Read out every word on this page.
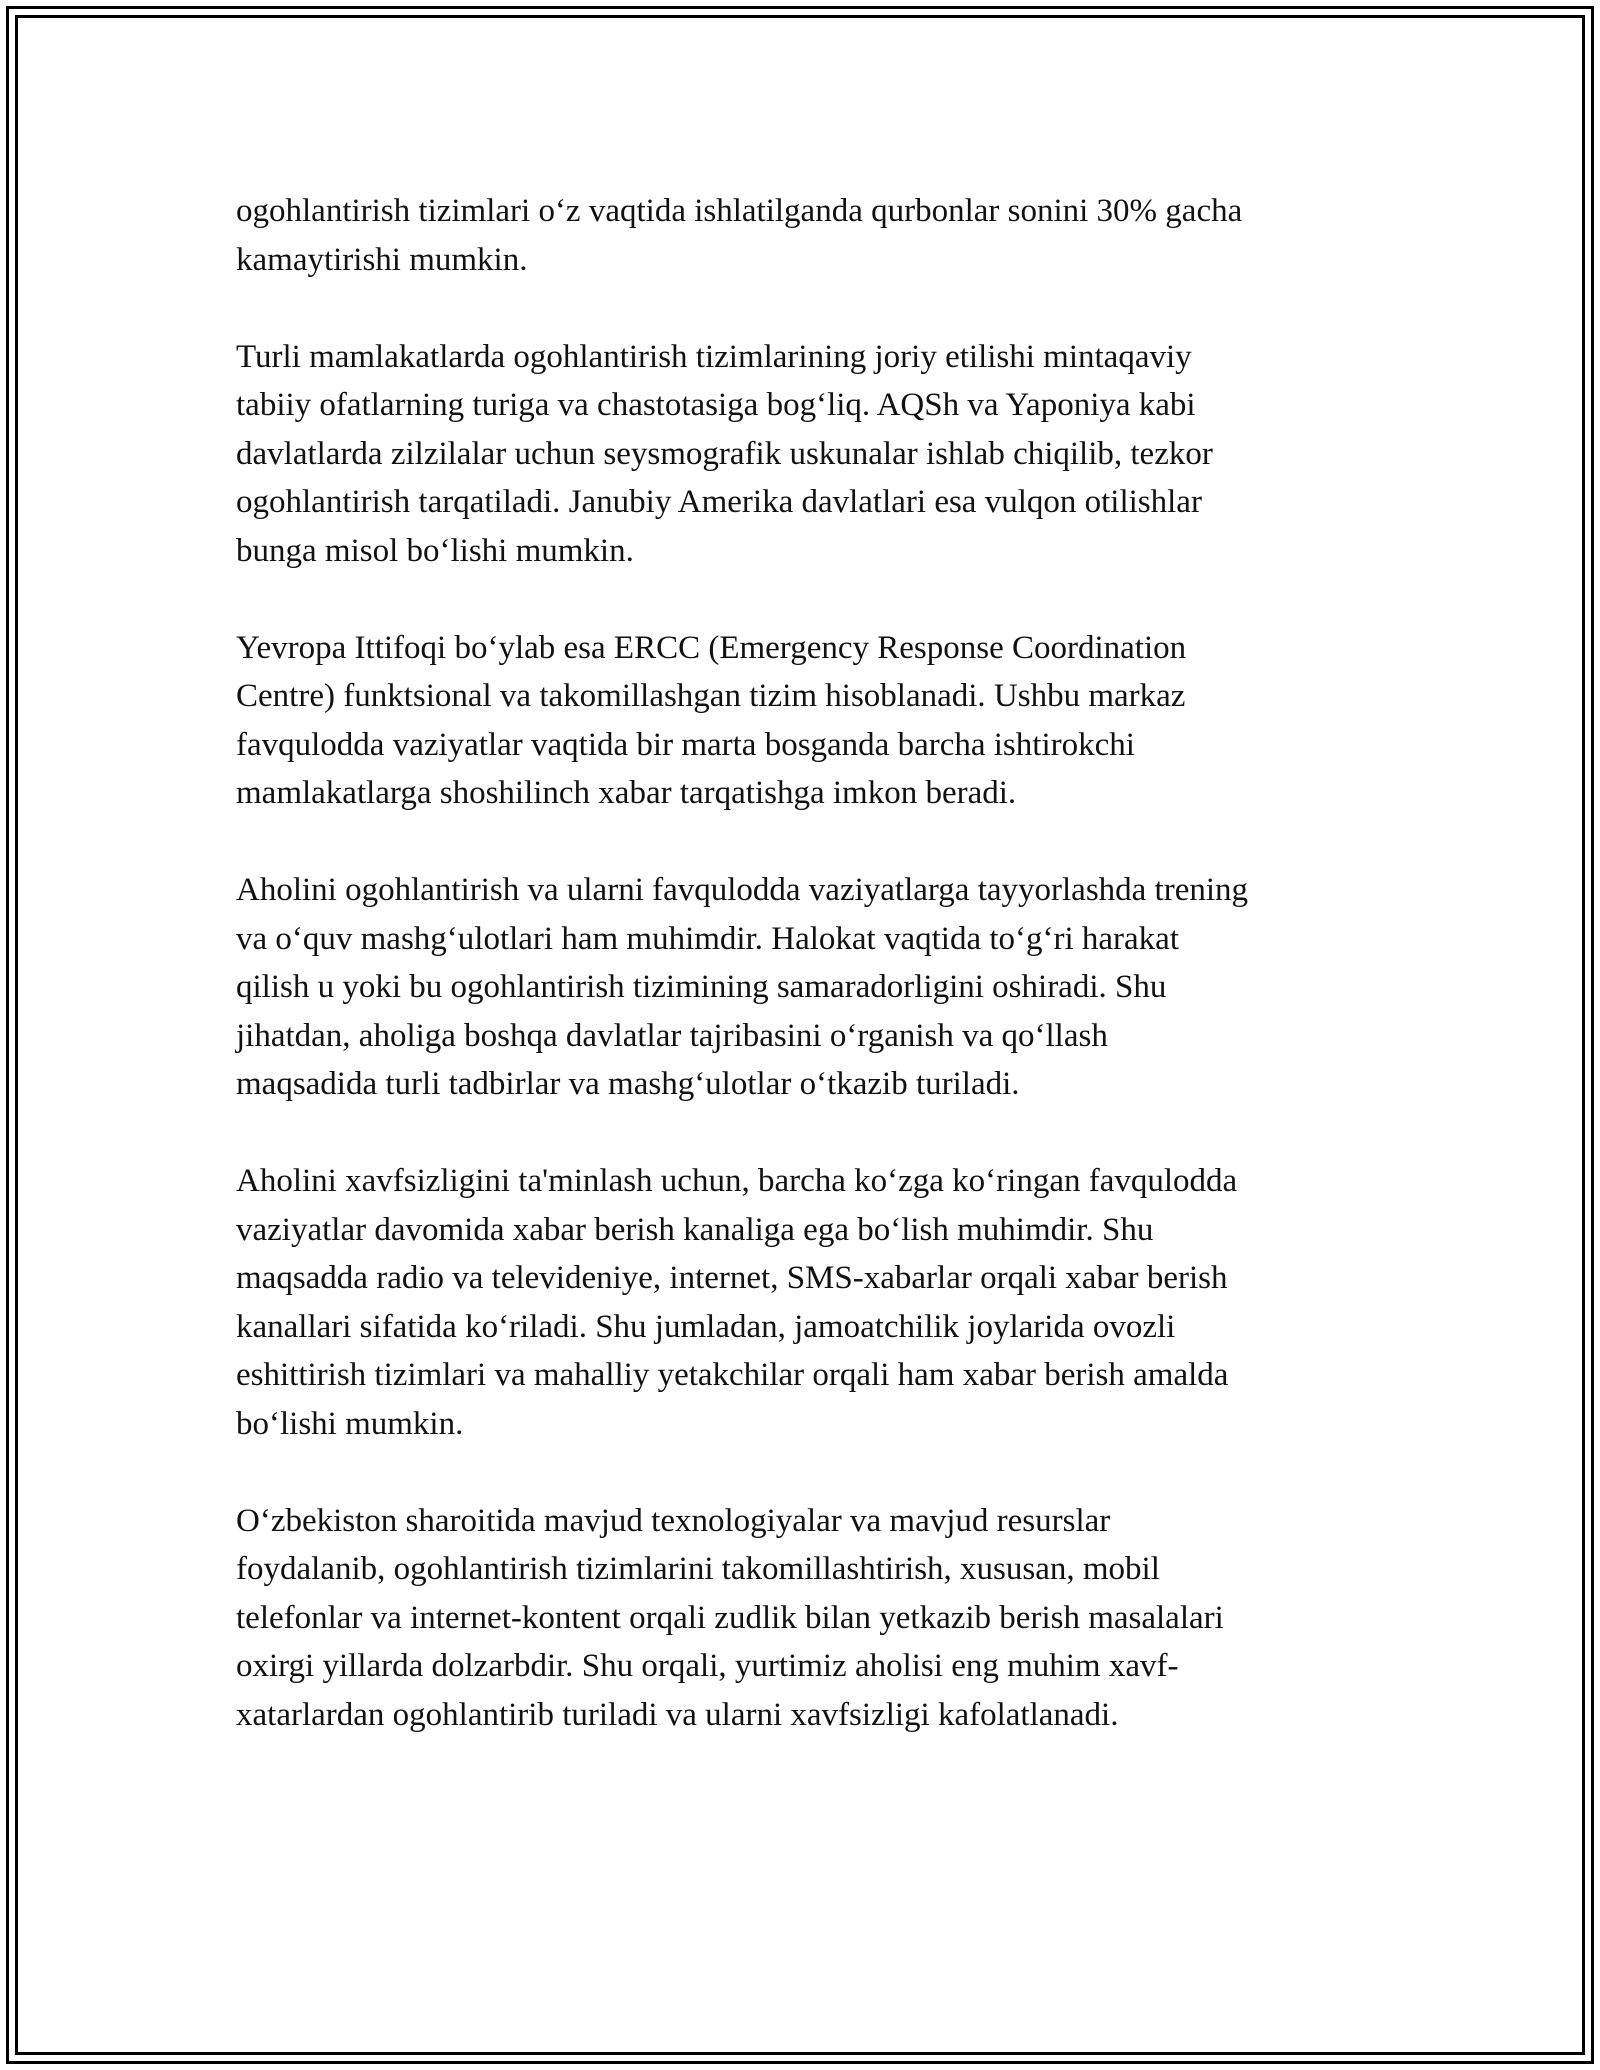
ogohlantirish tizimlari o‘z vaqtida ishlatilganda qurbonlar sonini 30% gacha
kamaytirishi mumkin.

Turli mamlakatlarda ogohlantirish tizimlarining joriy etilishi mintaqaviy
tabiiy ofatlarning turiga va chastotasiga bog‘liq. AQSh va Yaponiya kabi
davlatlarda zilzilalar uchun seysmografik uskunalar ishlab chiqilib, tezkor
ogohlantirish tarqatiladi. Janubiy Amerika davlatlari esa vulqon otilishlar
bunga misol bo‘lishi mumkin.

Yevropa Ittifoqi bo‘ylab esa ERCC (Emergency Response Coordination
Centre) funktsional va takomillashgan tizim hisoblanadi. Ushbu markaz
favqulodda vaziyatlar vaqtida bir marta bosganda barcha ishtirokchi
mamlakatlarga shoshilinch xabar tarqatishga imkon beradi.

Aholini ogohlantirish va ularni favqulodda vaziyatlarga tayyorlashda trening
va o‘quv mashg‘ulotlari ham muhimdir. Halokat vaqtida to‘g‘ri harakat
qilish u yoki bu ogohlantirish tizimining samaradorligini oshiradi. Shu
jihatdan, aholiga boshqa davlatlar tajribasini o‘rganish va qo‘llash
maqsadida turli tadbirlar va mashg‘ulotlar o‘tkazib turiladi.

Aholini xavfsizligini ta'minlash uchun, barcha ko‘zga ko‘ringan favqulodda
vaziyatlar davomida xabar berish kanaliga ega bo‘lish muhimdir. Shu
maqsadda radio va televideniye, internet, SMS-xabarlar orqali xabar berish
kanallari sifatida ko‘riladi. Shu jumladan, jamoatchilik joylarida ovozli
eshittirish tizimlari va mahalliy yetakchilar orqali ham xabar berish amalda
bo‘lishi mumkin.

O‘zbekiston sharoitida mavjud texnologiyalar va mavjud resurslar
foydalanib, ogohlantirish tizimlarini takomillashtirish, xususan, mobil
telefonlar va internet-kontent orqali zudlik bilan yetkazib berish masalalari
oxirgi yillarda dolzarbdir. Shu orqali, yurtimiz aholisi eng muhim xavf-
xatarlardan ogohlantirib turiladi va ularni xavfsizligi kafolatlanadi.
